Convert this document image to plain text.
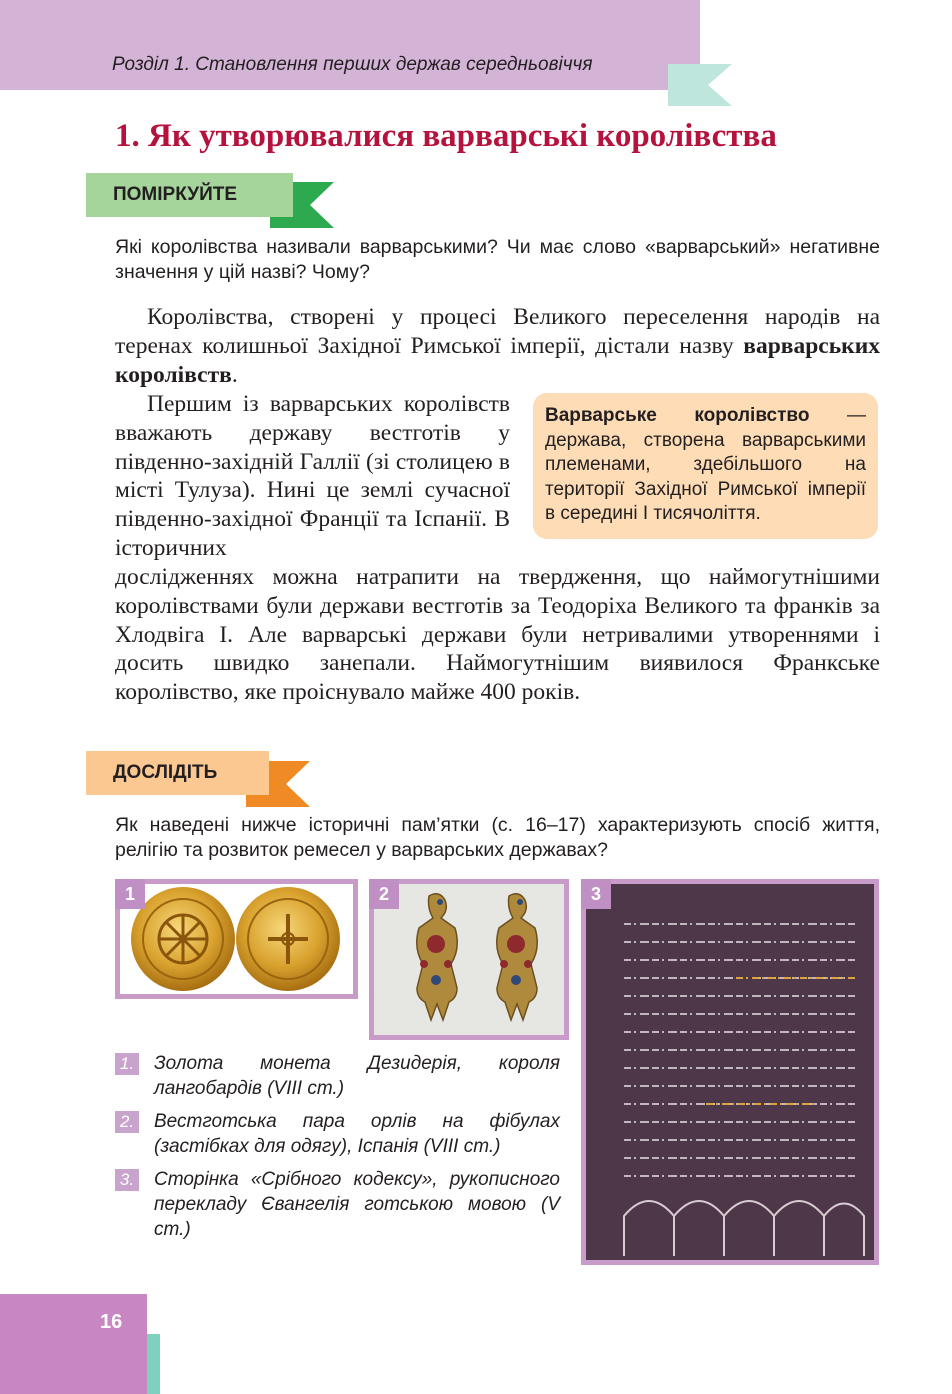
Розділ 1. Становлення перших держав середньовіччя
1. Як утворювалися варварські королівства
ПОМІРКУЙТЕ
Які королівства називали варварськими? Чи має слово «варварський» негативне значення у цій назві? Чому?
Королівства, створені у процесі Великого переселення народів на теренах колишньої Західної Римської імперії, дістали назву варварських королівств.
Першим із варварських королівств вважають державу вестготів у південно-західній Галлії (зі столицею в місті Тулуза). Нині це землі сучасної південно-західної Франції та Іспанії. В історичних
дослідженнях можна натрапити на твердження, що наймогутнішими королівствами були держави вестготів за Теодоріха Великого та франків за Хлодвіга І. Але варварські держави були нетривалими утвореннями і досить швидко занепали. Наймогутнішим виявилося Франкське королівство, яке проіснувало майже 400 років.
Варварське королівство — держава, створена варварськими племенами, здебільшого на території Західної Римської імперії в середині І тисячоліття.
ДОСЛІДІТЬ
Як наведені нижче історичні пам’ятки (с. 16–17) характеризують спосіб життя, релігію та розвиток ремесел у варварських державах?
1	2	3
1. Золота монета Дезидерія, короля лангобардів (VIII ст.)
2. Вестготська пара орлів на фібулах (застібках для одягу), Іспанія (VIII ст.)
3. Сторінка «Срібного кодексу», рукописного перекладу Євангелія готською мовою (V ст.)
16
